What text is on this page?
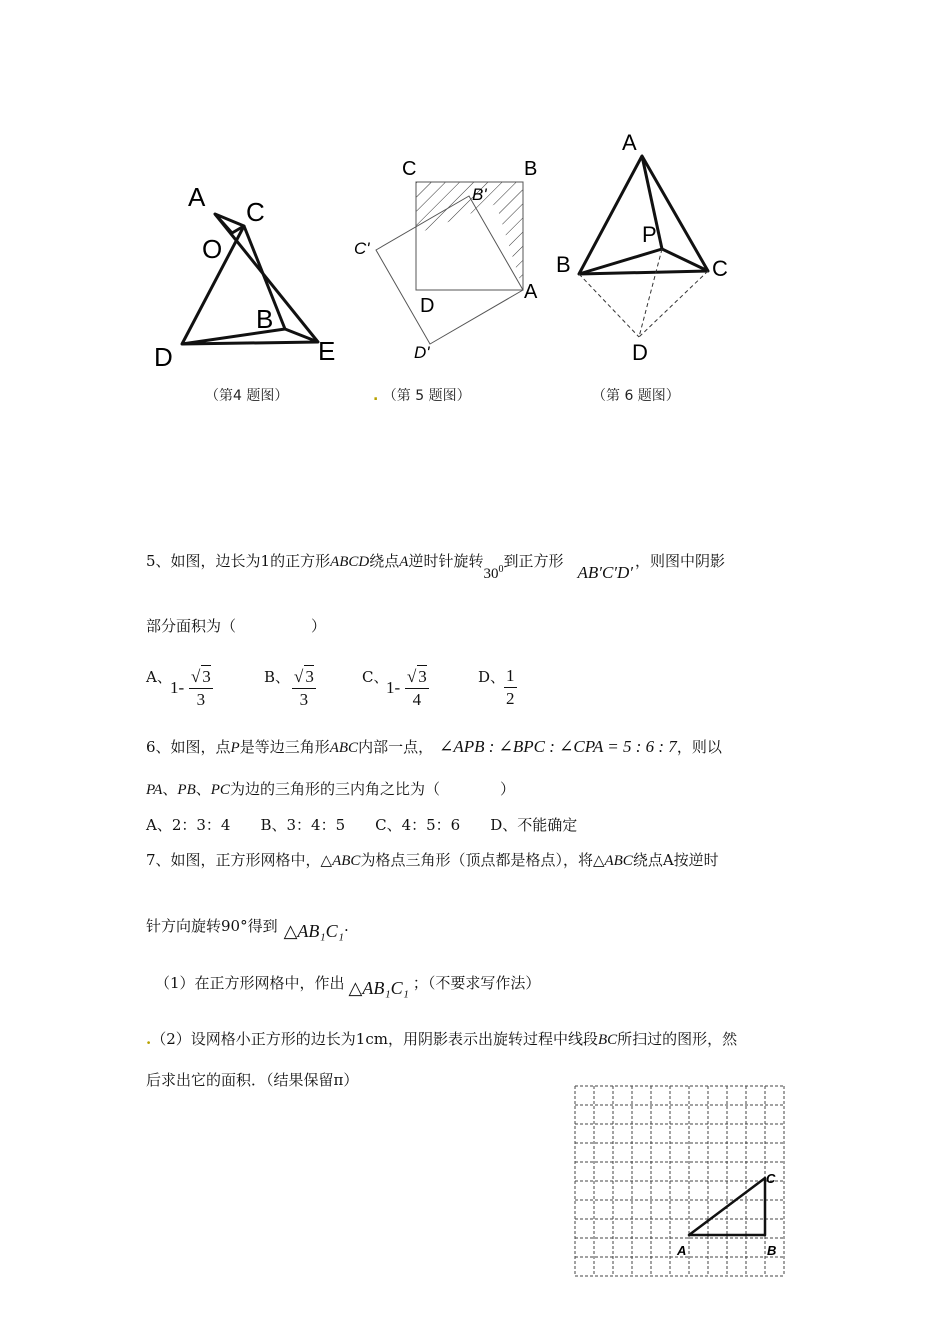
A C
O
B
D	E
（第4 题图）
C	B
B'
C'
D
A
D'
. （第 5 题图）
A
P
B	C
D
（第 6 题图）
5、如图，边长为1的正方形ABCD绕点A逆时针旋转$30^0$到正方形AB′C′D′，则图中阴影
部分面积为（　　　　　）
A、
$1- \frac{√ 3}{3}$	B、 $\frac{√ 3}{3}$	C、
$1- \frac{√ 3}{4}$	D、
$\frac{1}{2}$
6、如图，点P是等边三角形ABC内部一点， ∠APB : ∠BPC : ∠CPA = 5 : 6 : 7，则以
PA、PB、PC为边的三角形的三内角之比为（　　　　）
A、2：3：4　　B、3：4：5　　C、4：5：6　　D、不能确定
7、如图，正方形网格中，△ABC为格点三角形（顶点都是格点），将△ABC绕点A按逆时
针方向旋转90°得到 △AB₁C₁.
（1）在正方形网格中，作出 △AB₁C₁ ；（不要求写作法）
.（2）设网格小正方形的边长为1cm，用阴影表示出旋转过程中线段BC所扫过的图形，然
后求出它的面积．（结果保留π）
A	B
C
